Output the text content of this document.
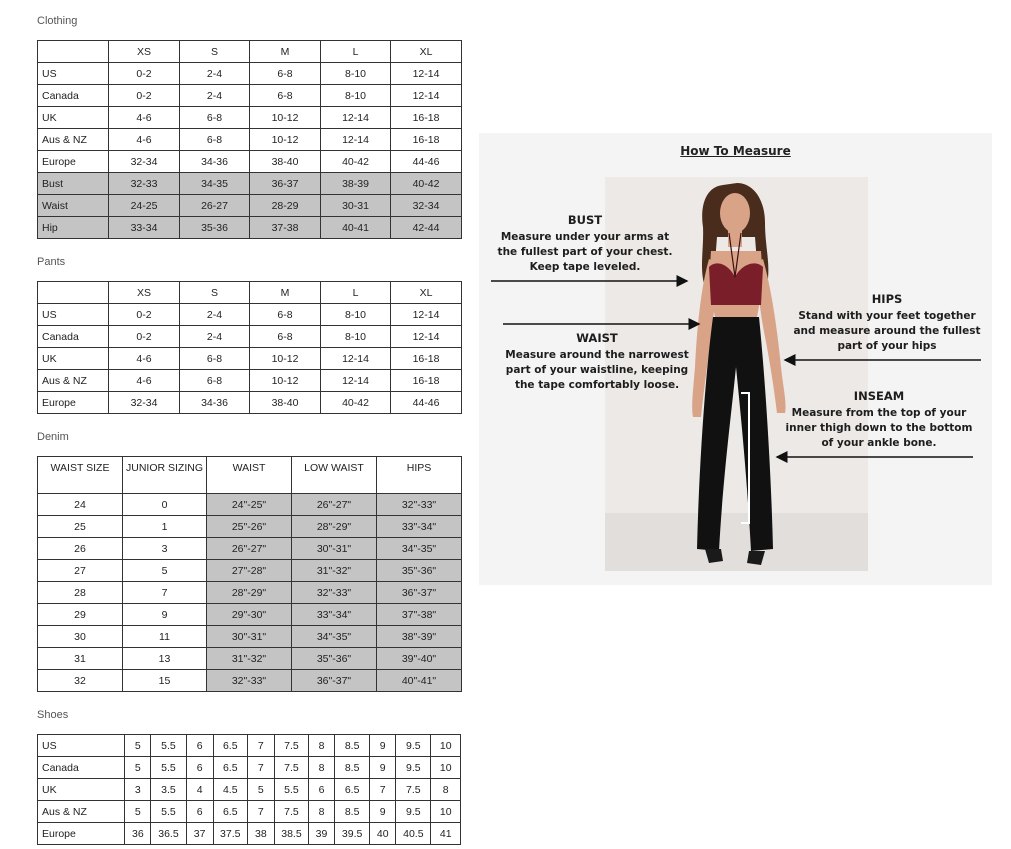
Clothing
	XS	S	M	L	XL
US	0-2	2-4	6-8	8-10	12-14
Canada	0-2	2-4	6-8	8-10	12-14
UK	4-6	6-8	10-12	12-14	16-18
Aus & NZ	4-6	6-8	10-12	12-14	16-18
Europe	32-34	34-36	38-40	40-42	44-46
Bust	32-33	34-35	36-37	38-39	40-42
Waist	24-25	26-27	28-29	30-31	32-34
Hip	33-34	35-36	37-38	40-41	42-44
Pants
	XS	S	M	L	XL
US	0-2	2-4	6-8	8-10	12-14
Canada	0-2	2-4	6-8	8-10	12-14
UK	4-6	6-8	10-12	12-14	16-18
Aus & NZ	4-6	6-8	10-12	12-14	16-18
Europe	32-34	34-36	38-40	40-42	44-46
Denim
WAIST SIZE	JUNIOR SIZING	WAIST	LOW WAIST	HIPS
24	0	24"-25"	26"-27"	32"-33"
25	1	25"-26"	28"-29"	33"-34"
26	3	26"-27"	30"-31"	34"-35"
27	5	27"-28"	31"-32"	35"-36"
28	7	28"-29"	32"-33"	36"-37"
29	9	29"-30"	33"-34"	37"-38"
30	11	30"-31"	34"-35"	38"-39"
31	13	31"-32"	35"-36"	39"-40"
32	15	32"-33"	36"-37"	40"-41"
Shoes
US	5	5.5	6	6.5	7	7.5	8	8.5	9	9.5	10
Canada	5	5.5	6	6.5	7	7.5	8	8.5	9	9.5	10
UK	3	3.5	4	4.5	5	5.5	6	6.5	7	7.5	8
Aus & NZ	5	5.5	6	6.5	7	7.5	8	8.5	9	9.5	10
Europe	36	36.5	37	37.5	38	38.5	39	39.5	40	40.5	41
How To Measure
BUST
Measure under your arms at
the fullest part of your chest.
Keep tape leveled.
WAIST
Measure around the narrowest
part of your waistline, keeping
the tape comfortably loose.
HIPS
Stand with your feet together
and measure around the fullest
part of your hips
INSEAM
Measure from the top of your
inner thigh down to the bottom
of your ankle bone.
